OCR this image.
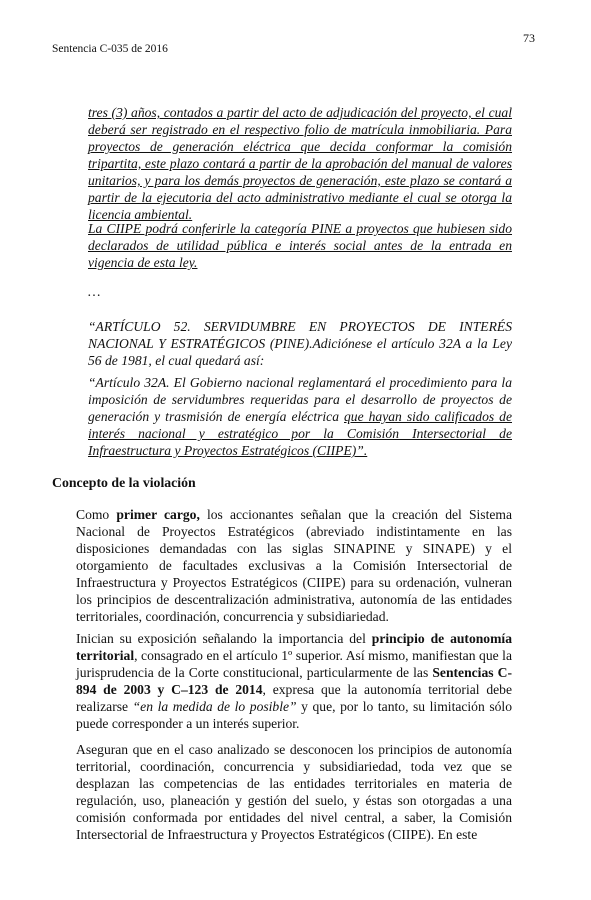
73
Sentencia C-035 de 2016

tres (3) años, contados a partir del acto de adjudicación del proyecto, el cual deberá ser registrado en el respectivo folio de matrícula inmobiliaria. Para proyectos de generación eléctrica que decida conformar la comisión tripartita, este plazo contará a partir de la aprobación del manual de valores unitarios, y para los demás proyectos de generación, este plazo se contará a partir de la ejecutoria del acto administrativo mediante el cual se otorga la licencia ambiental.

La CIIPE podrá conferirle la categoría PINE a proyectos que hubiesen sido declarados de utilidad pública e interés social antes de la entrada en vigencia de esta ley.

…

“ARTÍCULO 52. SERVIDUMBRE EN PROYECTOS DE INTERÉS NACIONAL Y ESTRATÉGICOS (PINE).Adiciónese el artículo 32A a la Ley 56 de 1981, el cual quedará así:

“Artículo 32A. El Gobierno nacional reglamentará el procedimiento para la imposición de servidumbres requeridas para el desarrollo de proyectos de generación y trasmisión de energía eléctrica que hayan sido calificados de interés nacional y estratégico por la Comisión Intersectorial de Infraestructura y Proyectos Estratégicos (CIIPE)”.

Concepto de la violación

Como primer cargo, los accionantes señalan que la creación del Sistema Nacional de Proyectos Estratégicos (abreviado indistintamente en las disposiciones demandadas con las siglas SINAPINE y SINAPE) y el otorgamiento de facultades exclusivas a la Comisión Intersectorial de Infraestructura y Proyectos Estratégicos (CIIPE) para su ordenación, vulneran los principios de descentralización administrativa, autonomía de las entidades territoriales, coordinación, concurrencia y subsidiariedad.

Inician su exposición señalando la importancia del principio de autonomía territorial, consagrado en el artículo 1º superior. Así mismo, manifiestan que la jurisprudencia de la Corte constitucional, particularmente de las Sentencias C-894 de 2003 y C–123 de 2014, expresa que la autonomía territorial debe realizarse “en la medida de lo posible” y que, por lo tanto, su limitación sólo puede corresponder a un interés superior.

Aseguran que en el caso analizado se desconocen los principios de autonomía territorial, coordinación, concurrencia y subsidiariedad, toda vez que se desplazan las competencias de las entidades territoriales en materia de regulación, uso, planeación y gestión del suelo, y éstas son otorgadas a una comisión conformada por entidades del nivel central, a saber, la Comisión Intersectorial de Infraestructura y Proyectos Estratégicos (CIIPE). En este
